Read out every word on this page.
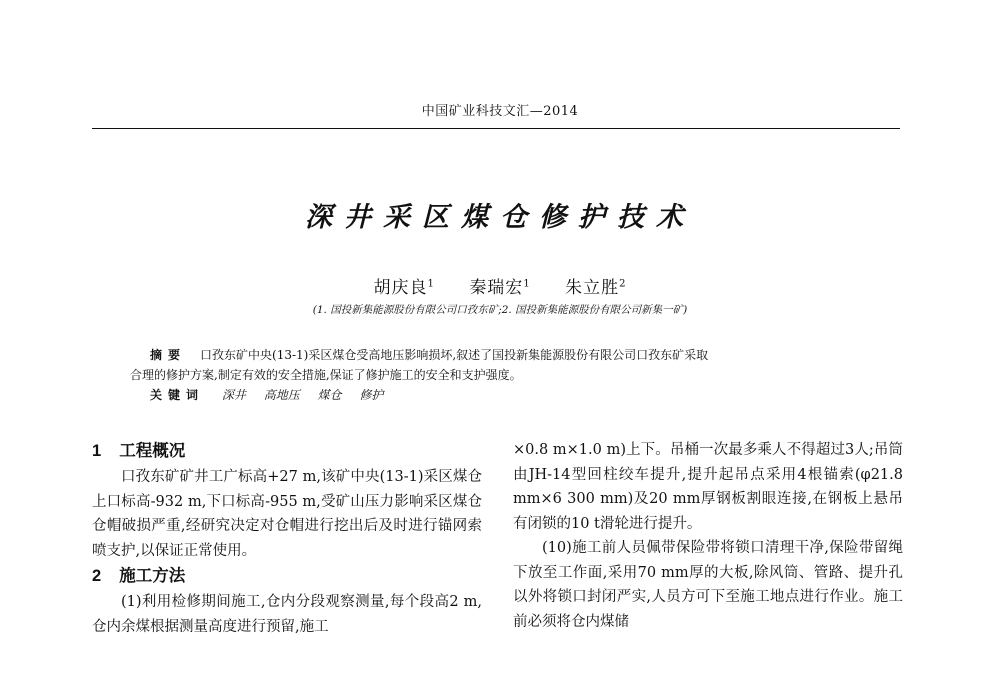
中国矿业科技文汇—2014
深井采区煤仓修护技术
胡庆良$^1$ 秦瑞宏$^1$ 朱立胜$^2$
(1. 国投新集能源股份有限公司口孜东矿;2. 国投新集能源股份有限公司新集一矿)
摘要 口孜东矿中央(13-1)采区煤仓受高地压影响损坏,叙述了国投新集能源股份有限公司口孜东矿采取
合理的修护方案,制定有效的安全措施,保证了修护施工的安全和支护强度。
关键词 深井 高地压 煤仓 修护
1 工程概况

口孜东矿矿井工广标高+27 m,该矿中央(13-1)采区煤仓上口标高-932 m,下口标高-955 m,受矿山压力影响采区煤仓仓帽破损严重,经研究决定对仓帽进行挖出后及时进行锚网索喷支护,以保证正常使用。

2 施工方法

(1)利用检修期间施工,仓内分段观察测量,每个段高2 m,仓内余煤根据测量高度进行预留,施工

×0.8 m×1.0 m)上下。吊桶一次最多乘人不得超过3人;吊筒由JH-14型回柱绞车提升,提升起吊点采用4根锚索(φ21.8 mm×6 300 mm)及20 mm厚钢板割眼连接,在钢板上悬吊有闭锁的10 t滑轮进行提升。

(10)施工前人员佩带保险带将锁口清理干净,保险带留绳下放至工作面,采用70 mm厚的大板,除风筒、管路、提升孔以外将锁口封闭严实,人员方可下至施工地点进行作业。施工前必须将仓内煤储
